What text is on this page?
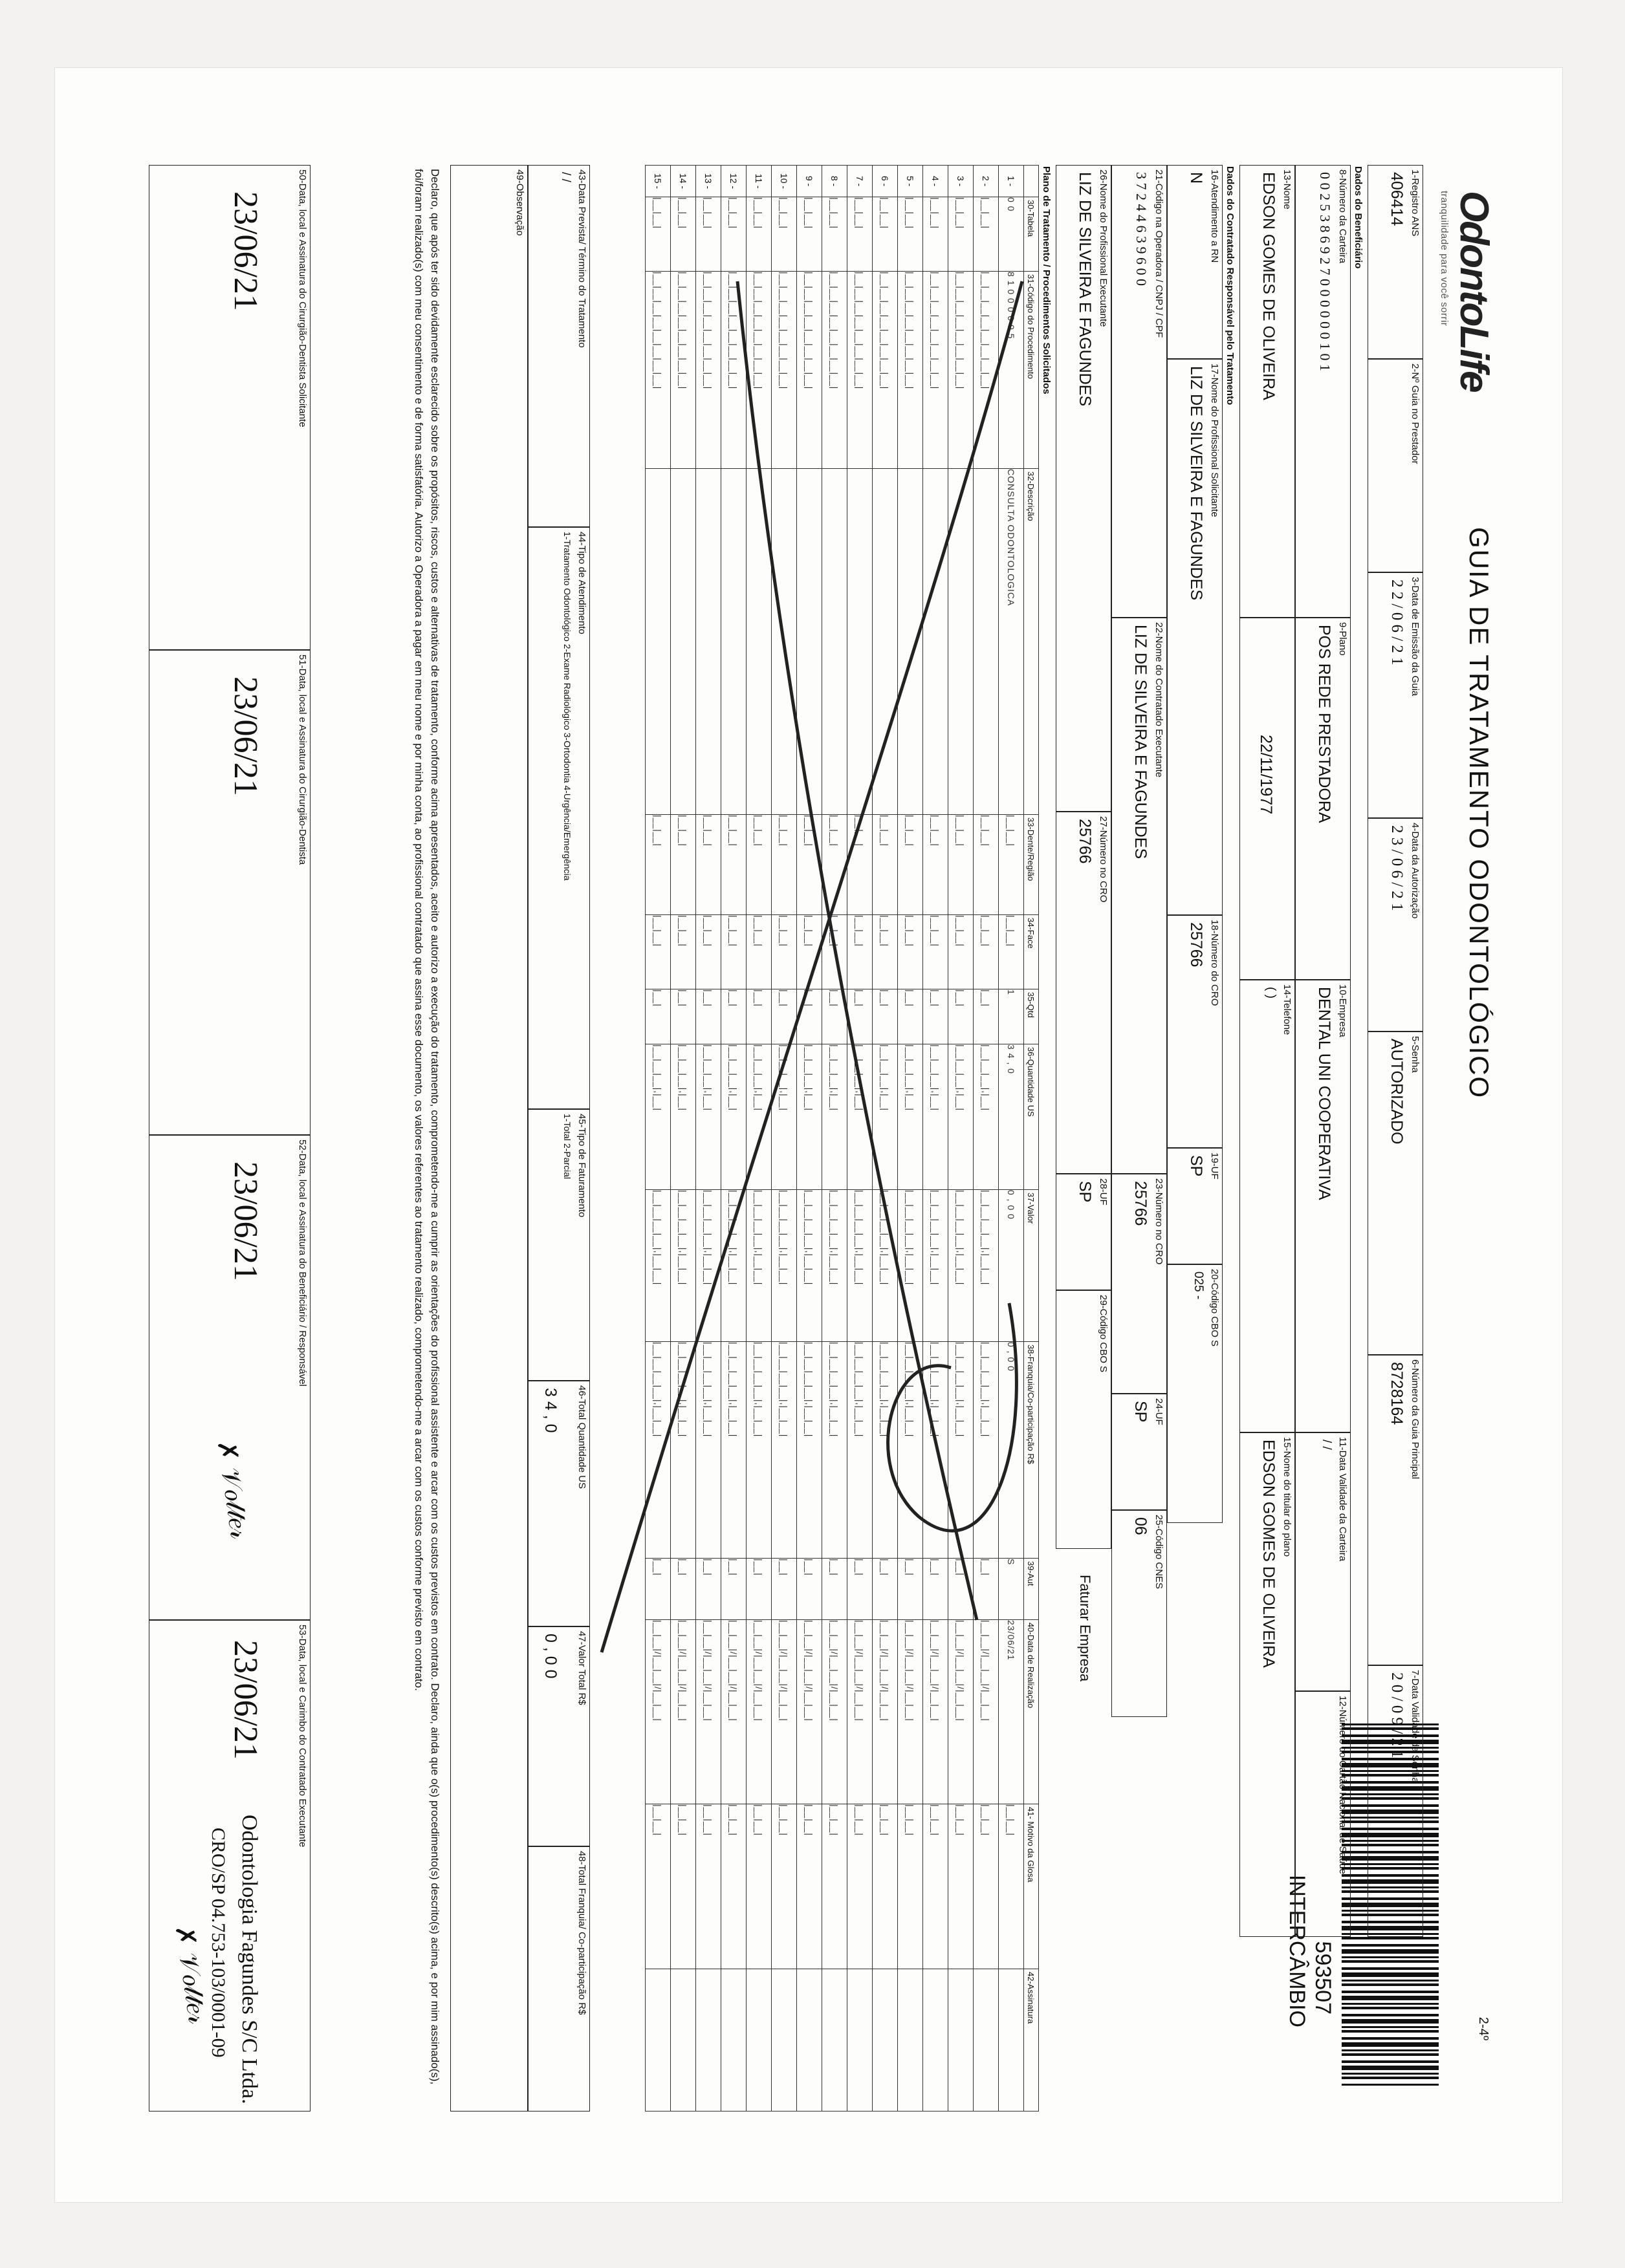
OdontoLife
tranquilidade para você sorrir
GUIA DE TRATAMENTO ODONTOLÓGICO
2-4º
593507
INTERCÂMBIO
1-Registro ANS
406414
2-Nº Guia no Prestador
3-Data de Emissão da Guia
2 2 / 0 6 / 2 1
4-Data da Autorização
2 3 / 0 6 / 2 1
5-Senha
AUTORIZADO
6-Número da Guia Principal
8728164
7-Data Validade da Senha
2 0 / 0 9 / 2 1
Dados do Beneficiário
8-Número da Carteira
0 0 2 5 3 8 6 9 2 7 0 0 0 0 0 0 1 0 1
9-Plano
POS REDE PRESTADORA
10-Empresa
DENTAL UNI COOPERATIVA
11-Data Validade da Carteira
/ /
12-Número do Cartão Nacional de Saúde
13-Nome
EDSON GOMES DE OLIVEIRA
22/11/1977
14-Telefone
( )
15-Nome do titular do plano
EDSON GOMES DE OLIVEIRA
Dados do Contratado Responsável pelo Tratamento
16-Atendimento a RN
N
17-Nome do Profissional Solicitante
LIZ DE SILVEIRA E FAGUNDES
18-Número do CRO
25766
19-UF
SP
20-Código CBO S
025 -
21-Código na Operadora / CNPJ / CPF
3 7 2 4 4 6 3 9 6 0 0
22-Nome do Contratado Executante
LIZ DE SILVEIRA E FAGUNDES
23-Número no CRO
25766
24-UF
SP
25-Código CNES
06
26-Nome do Profissional Executante
LIZ DE SILVEIRA E FAGUNDES
27-Número no CRO
25766
28-UF
SP
29-Código CBO S
Faturar Empresa
Plano de Tratamento / Procedimentos Solicitados
	30-Tabela	31-Código do Procedimento	32-Descrição	33-Dente/Região	34-Face	35-Qtd	36-Quantidade US	37-Valor	38-Franquia/Co-participação R$	39-Aut	40-Data de Realização	41- Motivo da Glosa	42-Assinatura
1 -	0 0	8 1 0 0 0 0 0 5	CONSULTA ODONTOLOGICA	|__|__|	|__|__|	1	3 4 , 0	0 , 0 0	0 , 0 0	S	23/06/21	|__|__|	
2 -	|__|__|	|__|__|__|__|__|__|__|__|		|__|__|	|__|__|	|__|	|__|__|__|,|__|	|__|__|__|__|,|__|__|	|__|__|__|__|,|__|__|	|__|	|__|__|/|__|__|/|__|__|	|__|__|	
3 -	|__|__|	|__|__|__|__|__|__|__|__|		|__|__|	|__|__|	|__|	|__|__|__|,|__|	|__|__|__|__|,|__|__|	|__|__|__|__|,|__|__|	|__|	|__|__|/|__|__|/|__|__|	|__|__|	
4 -	|__|__|	|__|__|__|__|__|__|__|__|		|__|__|	|__|__|	|__|	|__|__|__|,|__|	|__|__|__|__|,|__|__|	|__|__|__|__|,|__|__|	|__|	|__|__|/|__|__|/|__|__|	|__|__|	
5 -	|__|__|	|__|__|__|__|__|__|__|__|		|__|__|	|__|__|	|__|	|__|__|__|,|__|	|__|__|__|__|,|__|__|	|__|__|__|__|,|__|__|	|__|	|__|__|/|__|__|/|__|__|	|__|__|	
6 -	|__|__|	|__|__|__|__|__|__|__|__|		|__|__|	|__|__|	|__|	|__|__|__|,|__|	|__|__|__|__|,|__|__|	|__|__|__|__|,|__|__|	|__|	|__|__|/|__|__|/|__|__|	|__|__|	
7 -	|__|__|	|__|__|__|__|__|__|__|__|		|__|__|	|__|__|	|__|	|__|__|__|,|__|	|__|__|__|__|,|__|__|	|__|__|__|__|,|__|__|	|__|	|__|__|/|__|__|/|__|__|	|__|__|	
8 -	|__|__|	|__|__|__|__|__|__|__|__|		|__|__|	|__|__|	|__|	|__|__|__|,|__|	|__|__|__|__|,|__|__|	|__|__|__|__|,|__|__|	|__|	|__|__|/|__|__|/|__|__|	|__|__|	
9 -	|__|__|	|__|__|__|__|__|__|__|__|		|__|__|	|__|__|	|__|	|__|__|__|,|__|	|__|__|__|__|,|__|__|	|__|__|__|__|,|__|__|	|__|	|__|__|/|__|__|/|__|__|	|__|__|	
10 -	|__|__|	|__|__|__|__|__|__|__|__|		|__|__|	|__|__|	|__|	|__|__|__|,|__|	|__|__|__|__|,|__|__|	|__|__|__|__|,|__|__|	|__|	|__|__|/|__|__|/|__|__|	|__|__|	
11 -	|__|__|	|__|__|__|__|__|__|__|__|		|__|__|	|__|__|	|__|	|__|__|__|,|__|	|__|__|__|__|,|__|__|	|__|__|__|__|,|__|__|	|__|	|__|__|/|__|__|/|__|__|	|__|__|	
12 -	|__|__|	|__|__|__|__|__|__|__|__|		|__|__|	|__|__|	|__|	|__|__|__|,|__|	|__|__|__|__|,|__|__|	|__|__|__|__|,|__|__|	|__|	|__|__|/|__|__|/|__|__|	|__|__|	
13 -	|__|__|	|__|__|__|__|__|__|__|__|		|__|__|	|__|__|	|__|	|__|__|__|,|__|	|__|__|__|__|,|__|__|	|__|__|__|__|,|__|__|	|__|	|__|__|/|__|__|/|__|__|	|__|__|	
14 -	|__|__|	|__|__|__|__|__|__|__|__|		|__|__|	|__|__|	|__|	|__|__|__|,|__|	|__|__|__|__|,|__|__|	|__|__|__|__|,|__|__|	|__|	|__|__|/|__|__|/|__|__|	|__|__|	
15 -	|__|__|	|__|__|__|__|__|__|__|__|		|__|__|	|__|__|	|__|	|__|__|__|,|__|	|__|__|__|__|,|__|__|	|__|__|__|__|,|__|__|	|__|	|__|__|/|__|__|/|__|__|	|__|__|	
43-Data Prevista/ Término do Tratamento
/ /
44-Tipo de Atendimento
1-Tratamento Odontológico 2-Exame Radiológico 3-Ortodontia 4-Urgência/Emergência
45-Tipo de Faturamento
1-Total 2-Parcial
46-Total Quantidade US
3 4 , 0
47-Valor Total R$
0 , 0 0
48-Total Franquia/ Co-participação R$
49-Observação
Declaro, que após ter sido devidamente esclarecido sobre os propósitos, riscos, custos e alternativas de tratamento, conforme acima apresentados, aceito e autorizo a execução do tratamento, comprometendo-me a cumprir as orientações do profissional assistente e arcar com os custos previstos em contrato. Declaro, ainda que o(s) procedimento(s) descrito(s) acima, e por mim assinado(s), foi/foram realizado(s) com meu consentimento e de forma satisfatória. Autorizo a Operadora a pagar em meu nome e por minha conta, ao profissional contratado que assina esse documento, os valores referentes ao tratamento realizado, comprometendo-me a arcar com os custos conforme previsto em contrato.
50-Data, local e Assinatura do Cirurgião-Dentista Solicitante
23/06/21
51-Data, local e Assinatura do Cirurgião-Dentista
23/06/21
52-Data, local e Assinatura do Beneficiário / Responsável
23/06/21
✗ 𝒱𝑜𝓁𝓉𝑒𝓇
53-Data, local e Carimbo do Contratado Executante
23/06/21
Odontologia Fagundes S/C Ltda.
CRO/SP 04.753-103/0001-09
✗ 𝒱𝑜𝓁𝓉𝑒𝓇
